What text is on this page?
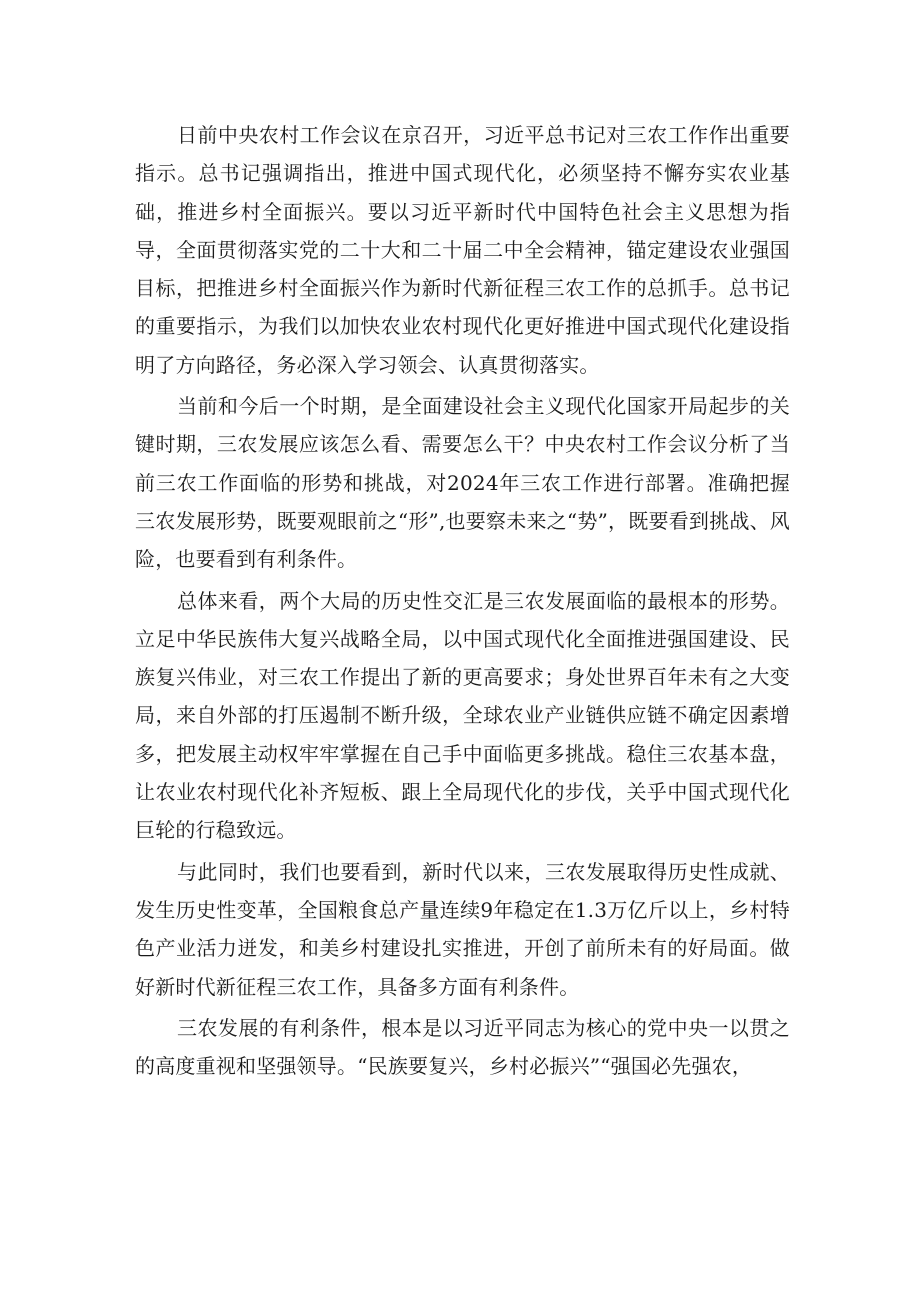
日前中央农村工作会议在京召开，习近平总书记对三农工作作出重要指示。总书记强调指出，推进中国式现代化，必须坚持不懈夯实农业基础，推进乡村全面振兴。要以习近平新时代中国特色社会主义思想为指导，全面贯彻落实党的二十大和二十届二中全会精神，锚定建设农业强国目标，把推进乡村全面振兴作为新时代新征程三农工作的总抓手。总书记的重要指示，为我们以加快农业农村现代化更好推进中国式现代化建设指明了方向路径，务必深入学习领会、认真贯彻落实。

当前和今后一个时期，是全面建设社会主义现代化国家开局起步的关键时期，三农发展应该怎么看、需要怎么干？中央农村工作会议分析了当前三农工作面临的形势和挑战，对2024年三农工作进行部署。准确把握三农发展形势，既要观眼前之“形”,也要察未来之“势”，既要看到挑战、风险，也要看到有利条件。

总体来看，两个大局的历史性交汇是三农发展面临的最根本的形势。立足中华民族伟大复兴战略全局，以中国式现代化全面推进强国建设、民族复兴伟业，对三农工作提出了新的更高要求；身处世界百年未有之大变局，来自外部的打压遏制不断升级，全球农业产业链供应链不确定因素增多，把发展主动权牢牢掌握在自己手中面临更多挑战。稳住三农基本盘，让农业农村现代化补齐短板、跟上全局现代化的步伐，关乎中国式现代化巨轮的行稳致远。

与此同时，我们也要看到，新时代以来，三农发展取得历史性成就、发生历史性变革，全国粮食总产量连续9年稳定在1.3万亿斤以上，乡村特色产业活力迸发，和美乡村建设扎实推进，开创了前所未有的好局面。做好新时代新征程三农工作，具备多方面有利条件。

三农发展的有利条件，根本是以习近平同志为核心的党中央一以贯之的高度重视和坚强领导。“民族要复兴，乡村必振兴”“强国必先强农，
